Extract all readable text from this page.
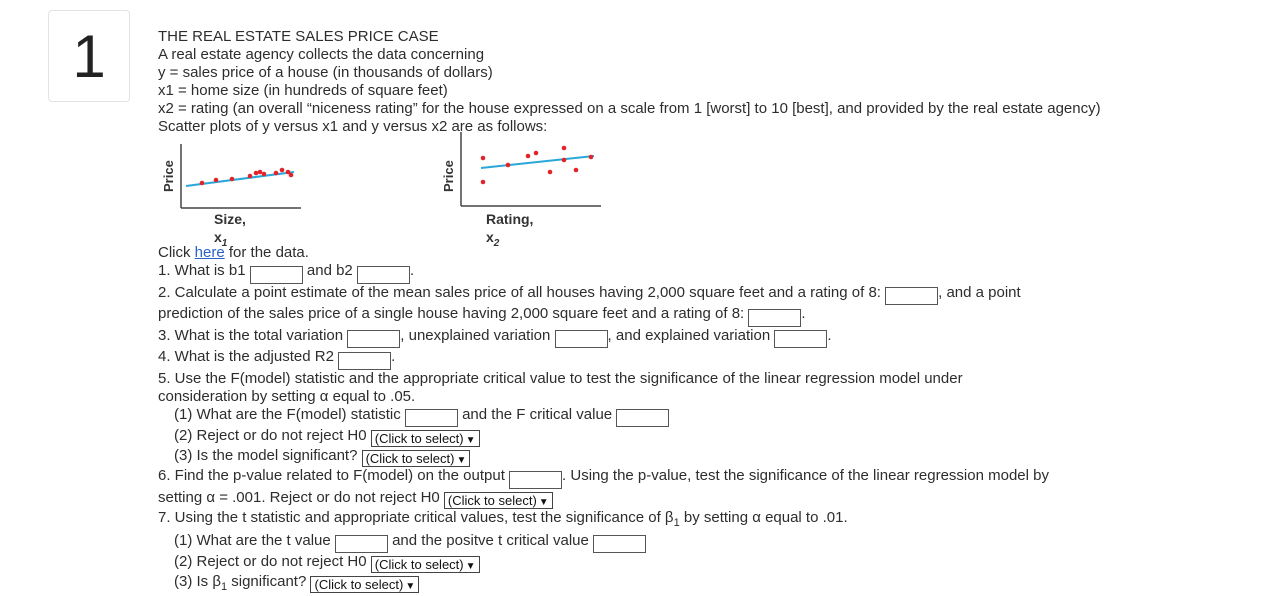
1	THE REAL ESTATE SALES PRICE CASE
A real estate agency collects the data concerning
y = sales price of a house (in thousands of dollars)
x1 = home size (in hundreds of square feet)
x2 = rating (an overall “niceness rating” for the house expressed on a scale from 1 [worst] to 10 [best], and provided by the real estate agency)
Scatter plots of y versus x1 and y versus x2 are as follows:
Price
Size, $x_1$
Price
Rating, $x_2$
Click here for the data.
1. What is b1	and b2	.
2. Calculate a point estimate of the mean sales price of all houses having 2,000 square feet and a rating of 8:	, and a point
prediction of the sales price of a single house having 2,000 square feet and a rating of 8:	.
3. What is the total variation	, unexplained variation	, and explained variation	.
4. What is the adjusted R2	.
5. Use the F(model) statistic and the appropriate critical value to test the significance of the linear regression model under
consideration by setting α equal to .05.
(1) What are the F(model) statistic	and the F critical value
(2) Reject or do not reject H0 (Click to select) ▼
(3) Is the model significant? (Click to select) ▼
6. Find the p-value related to F(model) on the output	. Using the p-value, test the significance of the linear regression model by
setting α = .001. Reject or do not reject H0 (Click to select) ▼
7. Using the t statistic and appropriate critical values, test the significance of $\beta_1$ by setting α equal to .01.
(1) What are the t value	and the positve t critical value
(2) Reject or do not reject H0 (Click to select) ▼
(3) Is $\beta_1$ significant? (Click to select) ▼
